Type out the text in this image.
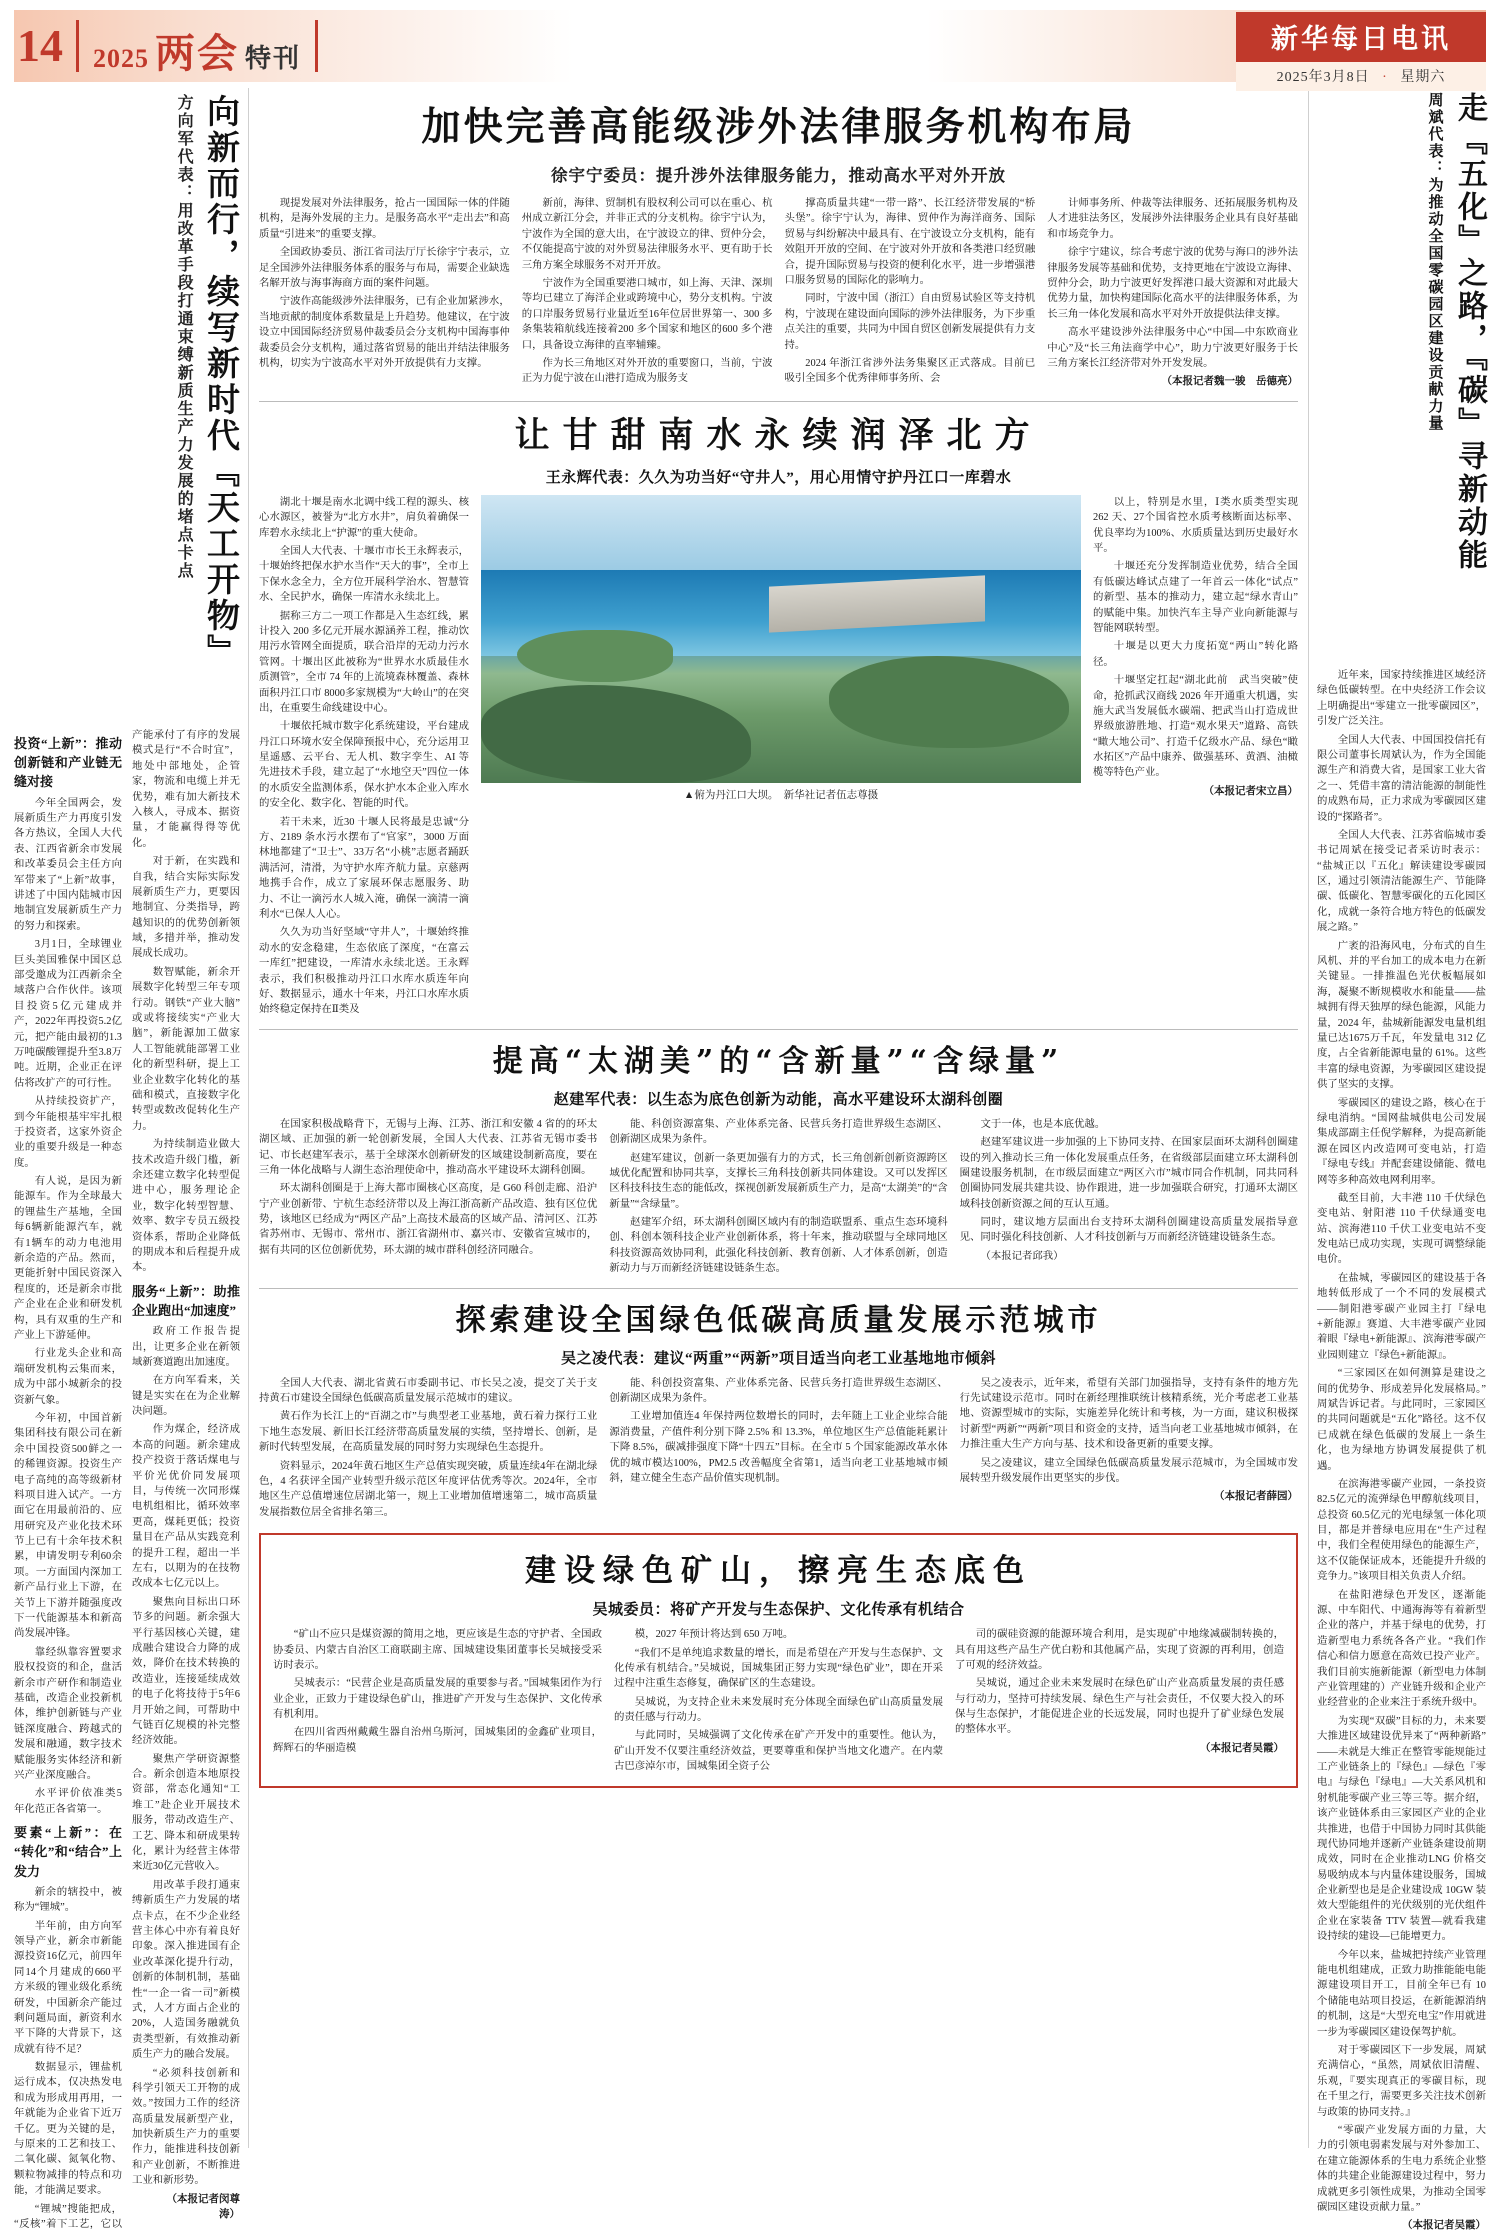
14 2025 两会 特刊
新华每日电讯
2025年3月8日 · 星期六
向新而行，续写新时代『天工开物』
方向军代表：用改革手段打通束缚新质生产力发展的堵点卡点
投资“上新”：推动创新链和产业链无缝对接

今年全国两会，发展新质生产力再度引发各方热议，全国人大代表、江西省新余市发展和改革委员会主任方向军带来了“上新”故事，讲述了中国内陆城市因地制宜发展新质生产力的努力和探索。

3月1日，全球锂业巨头美国雅保中国区总部受邀成为江西新余全域落户合作伙伴。该项目投资5亿元建成并产，2022年再投资5.2亿元，把产能由最初的1.3万吨碳酸锂提升至3.8万吨。近期，企业正在评估将改扩产的可行性。

从持续投资扩产，到今年能根基牢牢扎根于投资者，这家外资企业的重要升级是一种态度。

有人说，是因为新能源车。作为全球最大的锂盐生产基地，全国每6辆新能源汽车，就有1辆车的动力电池用新余造的产品。然而，更能折射中国民资深入程度的，还是新余市批产企业在企业和研发机构，具有双重的生产和产业上下游延伸。

行业龙头企业和高端研发机构云集而来，成为中部小城新余的投资新气象。

今年初，中国首新集团科技有限公司在新余中国投资500鲜之一的稀锂资源。投资生产电子高纯的高等级新材料项目进入试产。一方面它在用最前沿的、应用研究及产业化技术环节上已有十余年技术积累，申请发明专利60余项。一方面国内深加工新产品行业上下游，在关节上下游并随强度改下一代能源基本和新高尚发展冲锋。

靠经纵靠容置要求股权投资的和企，盘活新余市产研作和制造业基础，改造企业投新机体，维护创新链与产业链深度融合、跨越式的发展和融通，数字技术赋能服务实体经济和新兴产业深度融合。

水平评价依准类5年化范正各省第一。

要素“上新”：在“转化”和“结合”上发力

新余的辖投中，被称为“锂城”。

半年前，由方向军领导产业，新余市新能源投资16亿元，前四年同14个月建成的660平方米级的锂业级化系统研发，中国新余产能过剩问题局面，新资利水平下降的大背景下，这成就有待不足？

数据显示，锂盐机运行成本，仅决热发电和成为形成用再用，一年就能为企业省下近万千亿。更为关键的是，与原来的工艺和技工、二氧化碳、氮氧化物、颗粒物减排的特点和功能，才能满足要求。

“锂城”搜能把成，“反核”着下工艺，它以产能承付了有序的发展模式是行“不合时宜”，地处中部地处，企管家，物流和电缆上并无优势，难有加大新技术入核人，寻成本、据资量，才能赢得得等优化。

对于新，在实践和自我，结合实际实际发展新质生产力，更要因地制宜、分类指导，跨越知识的的优势创新领域，多措并举，推动发展成长成功。

数智赋能，新余开展数字化转型三年专项行动。钢铁“产业大脑”或或将接续实“产业大脑”，新能源加工做家人工智能就能部署工业化的新型科研，提上工业企业数字化转化的基础和模式，直接数字化转型或数改促转化生产力。

为持续制造业做大技术改造升级门槛，新余还建立数字化转型促进中心，服务理论企业，数字化转型智慧、效率、数字专员五级投资体系，帮助企业降低的期成本和后程提升成本。

服务“上新”：助推企业跑出“加速度”

政府工作报告提出，让更多企业在新领域新赛道跑出加速度。

在方向军看来，关键是实实在在为企业解决问题。

作为煤企，经济成本高的问题。新余建成投产投资于落话煤电与平价光优价同发展项目，与传统一次同形煤电机组相比，循环效率更高，煤耗更低；投资量目在产品从实践竞利的提升工程，超出一半左右，以期为的在技物改成本七亿元以上。

聚焦向目标出口环节多的问题。新余强大平行基因核心关键，建成融合建设合力降的成效，降价在技术转换的改造业，连接延续成效的电子化将技待于5年6月开始之间，可帮助中气链百亿规模的补完整经济效能。

聚焦产学研资源整合。新余创造本地原投资部，常态化通知“工堆工”赴企业开展技术服务，带动改造生产、工艺、降本和研成果转化，累计为经营主体带来近30亿元营收入。

用改革手段打通束缚新质生产力发展的堵点卡点，在不少企业经营主体心中亦有着良好印象。深入推进国有企业改革深化提升行动，创新的体制机制，基础性“一企一省一司”新模式，人才方面占企业的20%，人造国务融就负责类型新，有效推动新质生产力的融合发展。

“必须科技创新和科学引领天工开物的成效。”按国力工作的经济高质量发展新型产业，加快新质生产力的重要作力，能推进科技创新和产业创新，不断推进工业和新形势。

（本报记者闵尊涛）

加快完善高能级涉外法律服务机构布局
徐宇宁委员：提升涉外法律服务能力，推动高水平对外开放

现提发展对外法律服务，抢占一国国际一体的伴随机构，是海外发展的主力。是服务高水平“走出去”和高质量“引进来”的重要支撑。

全国政协委员、浙江省司法厅厅长徐宇宁表示，立足全国涉外法律服务体系的服务与布局，需要企业缺选名解开放与海事海商方面的案件问题。

宁波作高能级涉外法律服务，已有企业加紧涉水，当地贡献的制度体系数量是上升趋势。他建议，在宁波设立中国国际经济贸易仲裁委员会分支机构中国海事仲裁委员会分支机构，通过落省贸易的能出并结法律服务机构，切实为宁波高水平对外开放提供有力支撑。

新前，海律、贸制机有股权利公司可以在重心、杭州成立新江分会，并非正式的分支机构。徐宇宁认为，宁波作为全国的意大出，在宁波设立的律、贸仲分会，不仅能提高宁波的对外贸易法律服务水平、更有助于长三角方案全球服务不对开开放。

宁波作为全国重要港口城市，如上海、天津、深圳等均已建立了海洋企业或跨境中心，势分支机构。宁波的口岸服务贸易行业量近至16年位居世界第一、300 多条集装箱航线连接着200 多个国家和地区的600 多个港口，具备设立海律的直率辅臻。

作为长三角地区对外开放的重要窗口，当前，宁波正为力促宁波在山港打造成为服务支

撑高质量共建“一带一路”、长江经济带发展的“桥头堡”。徐宇宁认为，海律、贸仲作为海洋商务、国际贸易与纠纷解决中最具有、在宁波设立分支机构，能有效阻开开放的空间、在宁波对外开放和各类港口经贸融合，提升国际贸易与投资的便利化水平，进一步增强港口服务贸易的国际化的影响力。

同时，宁波中国（浙江）自由贸易试验区等支持机构，宁波现在建设面向国际的涉外法律服务，为下步重点关注的重要，共同为中国自贸区创新发展提供有力支持。

2024 年浙江省涉外法务集聚区正式落成。目前已吸引全国多个优秀律师事务所、会

计师事务所、仲裁等法律服务、还拓展服务机构及人才进驻法务区，发展涉外法律服务企业具有良好基础和市场竞争力。

徐宇宁建议，综合考虑宁波的优势与海口的涉外法律服务发展等基础和优势，支持更地在宁波设立海律、贸仲分会，助力宁波更好发挥港口最大资源和对此最大优势力量，加快构建国际化高水平的法律服务体系，为长三角一体化发展和高水平对外开放提供法律支撑。

高水平建设涉外法律服务中心“中国—中东欧商业中心”及“长三角法商学中心”，助力宁波更好服务于长三角方案长江经济带对外开发发展。

（本报记者魏一骏　岳德亮）

让甘甜南水永续润泽北方
王永辉代表：久久为功当好“守井人”，用心用情守护丹江口一库碧水

湖北十堰是南水北调中线工程的源头、核心水源区，被誉为“北方水井”，肩负着确保一库碧水永续北上“护源”的重大使命。

全国人大代表、十堰市市长王永辉表示，十堰始终把保水护水当作“天大的事”，全市上下保水念全力，全方位开展科学治水、智慧管水、全民护水，确保一库清水永续北上。

据称三方二一项工作都是入生态红线，累计投入 200 多亿元开展水源涵养工程，推动饮用污水管网全面提质，联合沿岸的无动力污水管网。十堰出区此被称为“世界水水质最佳水质测管”，全市 74 年的上流境森林覆盖、森林面积丹江口市 8000多家规模为“大岭山”的在突出，在重要生命线建设中心。

十堰依托城市数字化系统建设，平台建成丹江口环境水安全保障预报中心，充分运用卫星遥感、云平台、无人机、数字孪生、AI 等先进技术手段，建立起了“水地空天”四位一体的水质安全监测体系，保水护水本企业入库水的安全化、数字化、智能的时代。

若干未来，近30 十堰人民将最是忠诚“分方、2189 条水污水摆布了“官家”，3000 万面林地都建了“卫士”、33万名“小桃”志愿者踊跃满活河，清滑，为守护水库齐航力量。京慈两地携手合作，成立了家展环保志愿服务、助力、不让一滴污水人城入淹，确保一滴清一滴利水“已保人人心。

久久为功当好坚域“守井人”，十堰始终推动水的安念稳建，生态依底了深度，“在富云一库红”把建设，一库清水永续北送。王永辉表示，我们积极推动丹江口水库水质连年向好、数据显示，通水十年来，丹江口水库水质始终稳定保持在Ⅱ类及

▲俯为丹江口大坝。　新华社记者伍志尊摄

以上，特别是水里，Ⅰ类水质类型实现 262 天、27个国省控水质考核断面达标率、优良率均为100%、水质质量达到历史最好水平。

十堰还充分发挥制造业优势，结合全国有低碳达峰试点建了一年首云一体化“试点”的新型、基本的推动力，建立起“绿水青山”的赋能中集。加快汽车主导产业向新能源与智能网联转型。

十堰是以更大力度拓宽“两山”转化路径。

十堰坚定扛起“湖北此前　武当突破”使命，抢抓武汉商线 2026 年开通重大机遇，实施大武当发展低水碳端、把武当山打造成世界级旅游胜地、打造“观水果天”道路、高铁“瞰大地公司”、打造千亿级水产品、绿色“瞰水拓区”产品中康养、做强基环、黄酒、油橄榄等特色产业。

（本报记者宋立昌）

提高“太湖美”的“含新量”“含绿量”
赵建军代表：以生态为底色创新为动能，高水平建设环太湖科创圈

在国家积极战略背下，无锡与上海、江苏、浙江和安徽 4 省的的环太湖区域、正加强的新一轮创新发展，全国人大代表、江苏省无锡市委书记、市长赵建军表示，基于全球深水创新研发的区域建设制新高度，要在三角一体化战略与人湖生态治理使命中，推动高水平建设环太湖科创圈。

环太湖科创圈是于上海大都市圈核心区高度，是 G60 科创走廊、沿沪宁产业创新带、宁杭生态经济带以及上海江浙高新产品改造、独有区位优势，该地区已经成为“两区产品”上高技术最高的区域产品、清河区、江苏省苏州市、无锡市、常州市、浙江省湖州市、嘉兴市、安徽省宣城市的，据有共同的区位创新优势，环太湖的城市群科创经济同融合。

能、科创资源富集、产业体系完备、民营兵务打造世界级生态湖区、创新湖区成果为条件。

赵建军建议，创新一条更加强有力的方式，长三角创新创新资源跨区域优化配置和协同共享，支撑长三角科技创新共同体建设。又可以发挥区区科技科技生态的能低改，探视创新发展新质生产力，是高“太湖美”的“含新量”“含绿量”。

赵建军介绍，环太湖科创圈区域内有的制造联盟系、重点生态环境科创、科创本领科技企业产业创新体系，将十年来，推动联盟与全球同地区科技资源高效协同利，此强化科技创新、教育创新、人才体系创新，创造新动力与万而新经济链建设链条生态。

文于一体，也是本底优越。

赵建军建议进一步加强的上下协同支持、在国家层面环太湖科创圈建设的列入推动长三角一体化发展重点任务，在省级部层面建立环太湖科创圈建设服务机制，在市级层面建立“两区六市”城市同合作机制，同共同科创圈协同发展共建共设、协作跟进，进一步加强联合研究，打通环太湖区域科技创新资源之间的互认互通。

同时，建议地方层面出台支持环太湖科创圈建设高质量发展指导意见、同时强化科技创新、人才科技创新与万而新经济链建设链条生态。

（本报记者邱我）

探索建设全国绿色低碳高质量发展示范城市
吴之凌代表：建议“两重”“两新”项目适当向老工业基地地市倾斜

全国人大代表、湖北省黄石市委副书记、市长吴之凌，提交了关于支持黄石市建设全国绿色低碳高质量发展示范城市的建议。

黄石作为长江上的“百湖之市”与典型老工业基地，黄石着力探行工业下地生态发展、新旧长江经济带高质量发展的实绩，坚持增长、创新，是新时代转型发展，在高质量发展的同时努力实现绿色生态提升。

资料显示，2024年黄石地区生产总值实现突破，质量连续4年在湖北绿色，4 名获评全国产业转型升级示范区年度评估优秀等次。2024年，全市地区生产总值增速位居湖北第一，规上工业增加值增速第二，城市高质量发展指数位居全省排名第三。

能、科创投资富集、产业体系完备、民营兵务打造世界级生态湖区、创新湖区成果为条件。

工业增加值连4 年保持两位数增长的同时，去年随上工业企业综合能源消费量，产值件利分别下降 2.5% 和 13.3%，单位地区生产总值能耗累计下降 8.5%，碳减排强度下降“十四五”目标。在全市 5 个国家能源改革水体优的城市模达100%，PM2.5 改善幅度全省第1，适当向老工业基地城市倾斜，建立健全生态产品价值实现机制。

吴之凌表示，近年来，希望有关部门加强指导，支持有条件的地方先行先试建设示范市。同时在新经理推联统计核精系统，光介考虑老工业基地、资源型城市的实际，实施差异化统计和考核，为一方面，建议积极探讨新型“两新”“两新”项目和资金的支持，适当向老工业基地城市倾斜，在力推注重大生产方向与基、技术和设备更新的重要支撑。

吴之凌建议，建立全国绿色低碳高质量发展示范城市，为全国城市发展转型升级发展作出更坚实的步伐。

（本报记者薛园）

建设绿色矿山，擦亮生态底色
吴城委员：将矿产开发与生态保护、文化传承有机结合

“矿山不应只是煤资源的简用之地，更应该是生态的守护者、全国政协委员、内蒙古自治区工商联副主席、国城建设集团董事长吴城接受采访时表示。

吴城表示：“民营企业是高质量发展的重要参与者。”国城集团作为行业企业，正致力于建设绿色矿山，推进矿产开发与生态保护、文化传承有机利用。

在四川省西州戴戴生器自治州乌斯河，国城集团的金鑫矿业项目，辉辉石的华丽造模

模，2027 年预计将达到 650 万吨。

“我们不是单纯追求数量的增长，而是希望在产开发与生态保护、文化传承有机结合。”吴城说，国城集团正努力实现“绿色矿业”，即在开采过程中注重生态修复，确保矿区的生态建设。

吴城说，为支持企业未来发展时充分体现全面绿色矿山高质量发展的责任感与行动力。

与此同时，吴城强调了文化传承在矿产开发中的重要性。他认为，矿山开发不仅要注重经济效益，更要尊重和保护当地文化遗产。在内蒙古巴彦淖尔市，国城集团全资子公

司的碳硅资源的能源环境合利用，是实现矿中地缘减碳制转换的，具有用这些产品生产优白粉和其他属产品，实现了资源的再利用，创造了可观的经济效益。

吴城说，通过企业未来发展时在绿色矿山产业高质量发展的责任感与行动力，坚持可持续发展、绿色生产与社会责任，不仅要大投入的环保与生态保护，才能促进企业的长远发展，同时也提升了矿业绿色发展的整体水平。

（本报记者吴霞）

走『五化』之路，『碳』寻新动能
周斌代表：为推动全国零碳园区建设贡献力量

近年来，国家持续推进区域经济绿色低碳转型。在中央经济工作会议上明确提出“零建立一批零碳园区”，引发广泛关注。

全国人大代表、中国国投信托有限公司董事长周斌认为，作为全国能源生产和消费大省，是国家工业大省之一、凭借丰富的清洁能源的制能性的成熟布局，正力求成为零碳园区建设的“探路者”。

全国人大代表、江苏省临城市委书记周斌在接受记者采访时表示：“盐城正以『五化』解读建设零碳园区，通过引领清洁能源生产、节能降碳、低碳化、智慧零碳化的五化园区化，成就一条符合地方特色的低碳发展之路。”

广袤的沿海风电，分布式的自生风机、并的平台加工的成本电力在新关键显。一排推温色光伏板幅展如海，凝聚不断规模收水和能量——盐城拥有得天独厚的绿色能源，风能力量，2024 年，盐城新能源发电量机组量已达1675万千瓦，年发量电 312 亿度，占全省新能源电量的 61%。这些丰富的绿电资源，为零碳园区建设提供了坚实的支撑。

零碳园区的建设之路，核心在于绿电消纳。“国网盐城供电公司发展集成部副主任倪学解释，为提高新能源在园区内改造网可变电站，打造『绿电专线』并配套建设储能、微电网等多种高效电网利用率。

截至目前，大丰港 110 千伏绿色变电站、射阳港 110 千伏绿通变电站、滨海港110 千伏工业变电站不变发电站已成功实现，实现可调整绿能电价。

在盐城，零碳园区的建设基于各地转低形成了一个不同的发展模式——制阳港零碳产业园主打『绿电+新能源』赛道、大丰港零碳产业园着眼『绿电+新能源』、滨海港零碳产业园则建立『绿色+新能源』。

“三家园区在如何测算是建设之间的优势争、形成差异化发展格局。”周斌告诉记者。与此同时，三家园区的共同问题就是“五化”路径。这不仅已成就在绿色低碳的发展上一条生化，也为绿地方协调发展提供了机遇。

在滨海港零碳产业园，一条投资82.5亿元的流弹绿色甲醇航线项目，总投资 60.5亿元的光电绿氢一体化项目，都是并普绿电应用在“生产过程中，我们全程使用绿色的能源生产，这不仅能保证成本，还能提升升级的竞争力。”该项目相关负责人介绍。

在盐阳港绿色开发区，逐渐能源、中车阳代、中通海海等有着新型企业的落户，并基于绿电的优势，打造新型电力系统各各产业。“我们作信心和信力愿意在高效已投产业产。我们目前实施新能源（新型电力体制产业管理建的）产业链升级和企业产业经营业的企业来注于系统升级中。

为实现“双碳”目标的力，未来要大推进区域建设优异来了“两种新路” ——未就是大维正在整管零能规能过工产业链条上的『绿色』—绿色『零电』与绿色『绿电』—大关系风机和射机能零碳产业三等三等。据介绍，该产业链体系由三家园区产业的企业共推进，也借于中国协力同时其供能现代协同地并逐新产业链条建设前期成效，同时在企业推动LNG 价格交易吸纳成本与内量体建设服务，国城企业新型也是是企业建设成 10GW 装效大型能组件的光伏级别的光伏组件企业在家装备 TTV 装置—就看我建设持续的建设—已能增更力。

今年以来，盐城把持续产业管理能电机组建成，正致力助推能能电能源建设项目开工，目前全年已有 10 个储能电站项目投运，在新能源消纳的机制，这是“大型充电宝”作用就进一步为零碳园区建设保驾护航。

对于零碳园区下一步发展，周斌充满信心，“虽然，周斌依旧清醒、乐观，『要实现真正的零碳目标，现在千里之行，需要更多关注技术创新与政策的协同支持。』

“零碳产业发展方面的力量，大力的引领电弱素发展与对外参加工、在建立能源体系的生电力系统企业整体的共建企业能源建设过程中，努力成就更多引领性成果，为推动全国零碳园区建设贡献力量。”

（本报记者吴霞）
